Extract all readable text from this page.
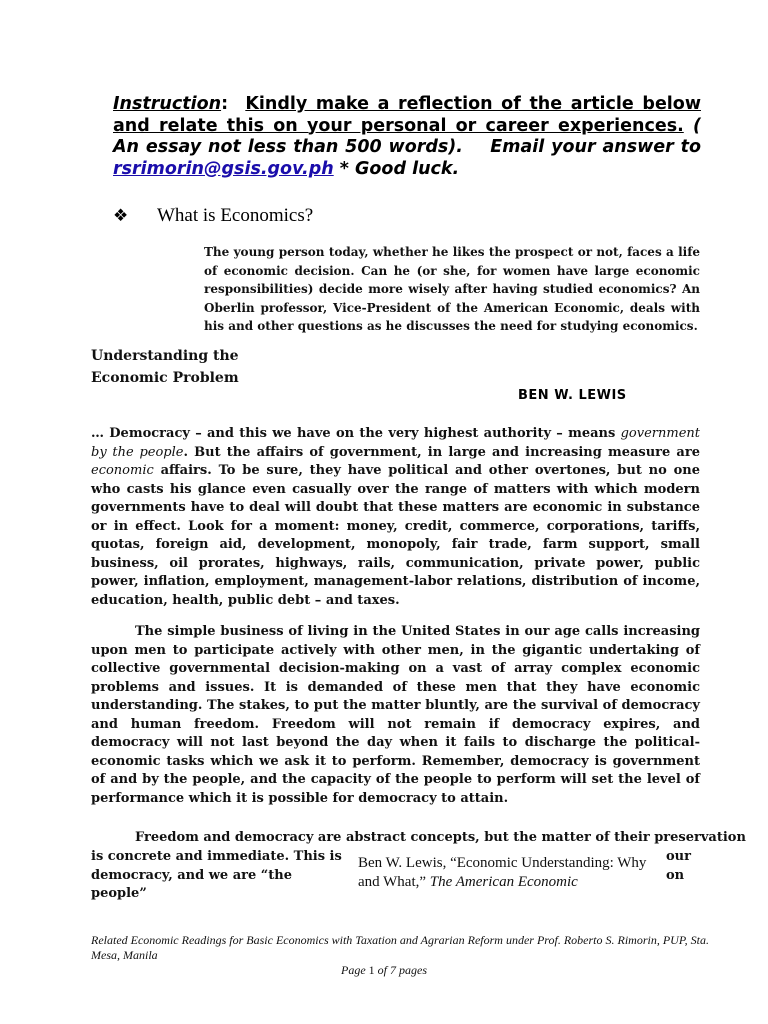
Instruction: Kindly make a reflection of the article below and relate this on your personal or career experiences. ( An essay not less than 500 words). Email your answer to rsrimorin@gsis.gov.ph * Good luck.
❖ What is Economics?
The young person today, whether he likes the prospect or not, faces a life of economic decision. Can he (or she, for women have large economic responsibilities) decide more wisely after having studied economics? An Oberlin professor, Vice-President of the American Economic, deals with his and other questions as he discusses the need for studying economics.
Understanding the
Economic Problem
BEN W. LEWIS
… Democracy – and this we have on the very highest authority – means government by the people. But the affairs of government, in large and increasing measure are economic affairs. To be sure, they have political and other overtones, but no one who casts his glance even casually over the range of matters with which modern governments have to deal will doubt that these matters are economic in substance or in effect. Look for a moment: money, credit, commerce, corporations, tariffs, quotas, foreign aid, development, monopoly, fair trade, farm support, small business, oil prorates, highways, rails, communication, private power, public power, inflation, employment, management-labor relations, distribution of income, education, health, public debt – and taxes.
The simple business of living in the United States in our age calls increasing upon men to participate actively with other men, in the gigantic undertaking of collective governmental decision-making on a vast of array complex economic problems and issues. It is demanded of these men that they have economic understanding. The stakes, to put the matter bluntly, are the survival of democracy and human freedom. Freedom will not remain if democracy expires, and democracy will not last beyond the day when it fails to discharge the political-economic tasks which we ask it to perform. Remember, democracy is government of and by the people, and the capacity of the people to perform will set the level of performance which it is possible for democracy to attain.
Freedom and democracy are abstract concepts, but the matter of their preservation
is concrete and immediate. This is
democracy, and we are “the people”
our
on
Ben W. Lewis, “Economic Understanding: Why and What,” The American Economic
Related Economic Readings for Basic Economics with Taxation and Agrarian Reform under Prof. Roberto S. Rimorin, PUP, Sta. Mesa, Manila
Page 1 of 7 pages
